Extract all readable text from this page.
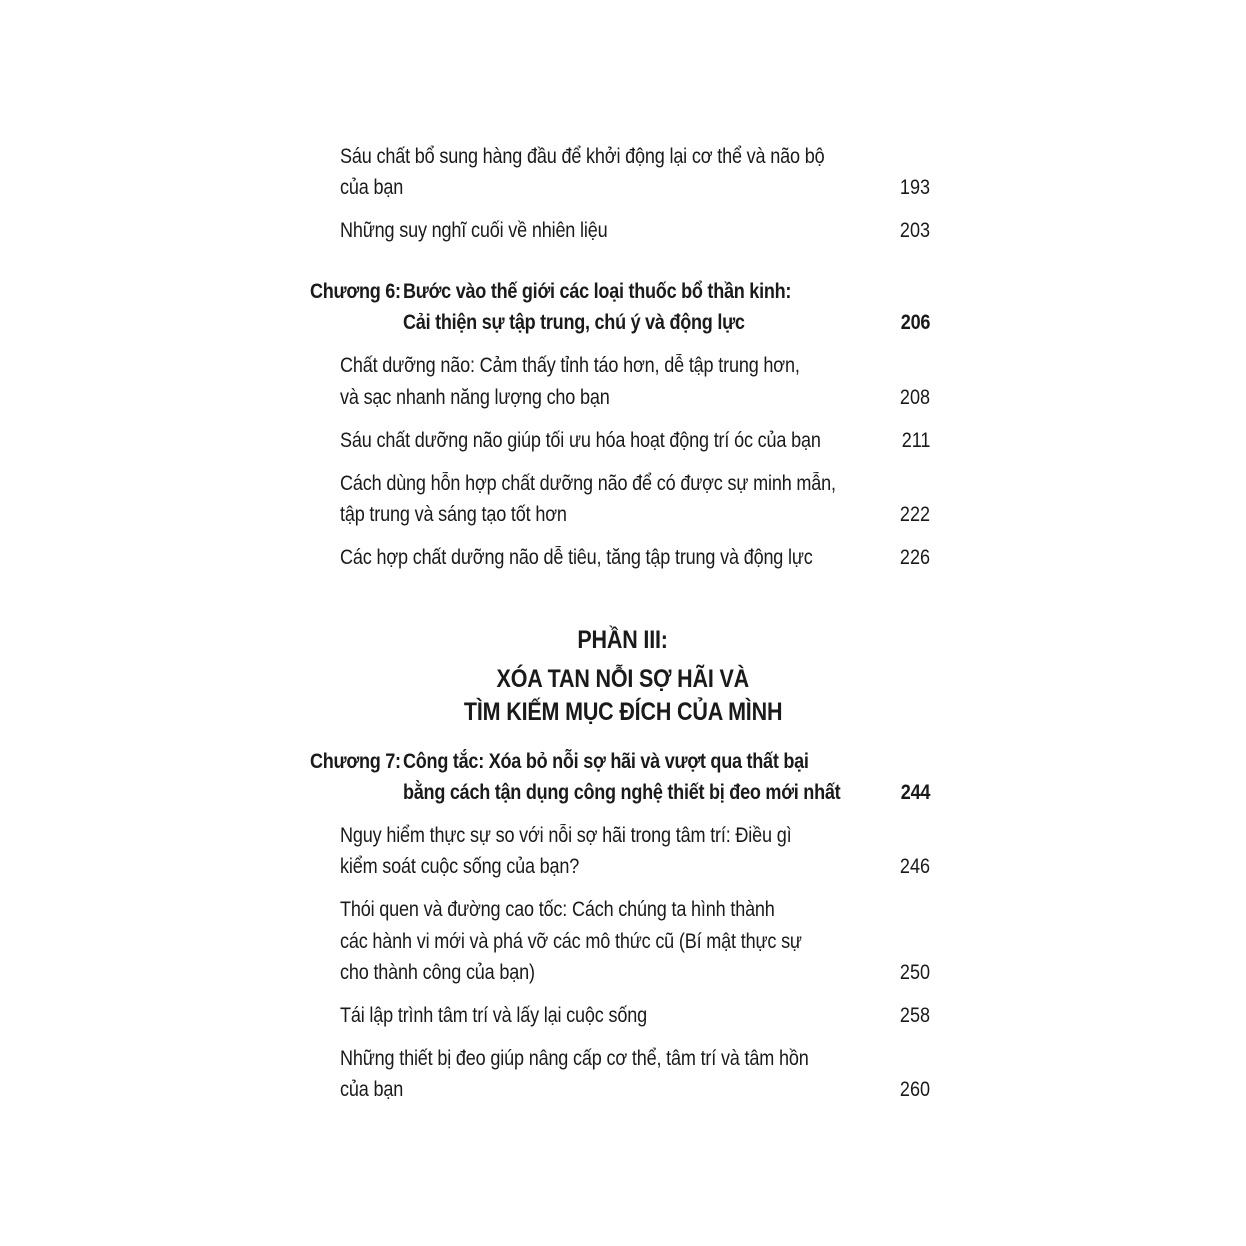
Sáu chất bổ sung hàng đầu để khởi động lại cơ thể và não bộ
của bạn	193
Những suy nghĩ cuối về nhiên liệu	203
Chương 6: Bước vào thế giới các loại thuốc bổ thần kinh:
Cải thiện sự tập trung, chú ý và động lực	206
Chất dưỡng não: Cảm thấy tỉnh táo hơn, dễ tập trung hơn,
và sạc nhanh năng lượng cho bạn	208
Sáu chất dưỡng não giúp tối ưu hóa hoạt động trí óc của bạn	211
Cách dùng hỗn hợp chất dưỡng não để có được sự minh mẫn,
tập trung và sáng tạo tốt hơn	222
Các hợp chất dưỡng não dễ tiêu, tăng tập trung và động lực	226
PHẦN III:
XÓA TAN NỖI SỢ HÃI VÀ
TÌM KIẾM MỤC ĐÍCH CỦA MÌNH
Chương 7: Công tắc: Xóa bỏ nỗi sợ hãi và vượt qua thất bại
bằng cách tận dụng công nghệ thiết bị đeo mới nhất	244
Nguy hiểm thực sự so với nỗi sợ hãi trong tâm trí: Điều gì
kiểm soát cuộc sống của bạn?	246
Thói quen và đường cao tốc: Cách chúng ta hình thành
các hành vi mới và phá vỡ các mô thức cũ (Bí mật thực sự
cho thành công của bạn)	250
Tái lập trình tâm trí và lấy lại cuộc sống	258
Những thiết bị đeo giúp nâng cấp cơ thể, tâm trí và tâm hồn
của bạn	260
